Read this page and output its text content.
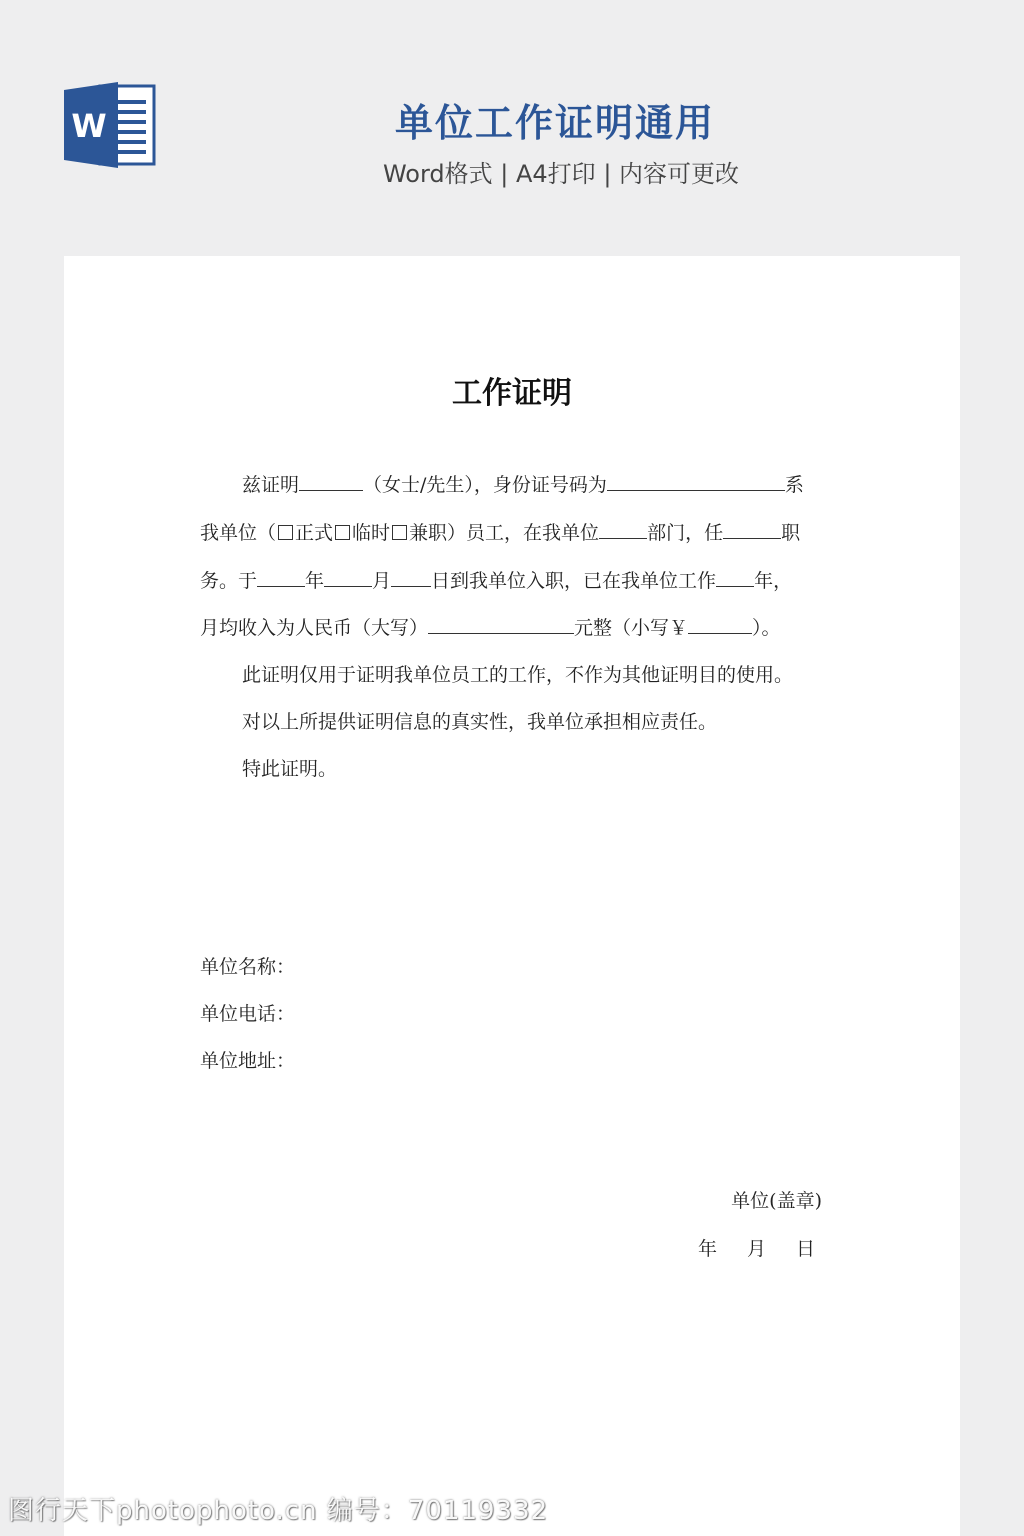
W	单位工作证明通用
Word格式 | A4打印 | 内容可更改
工作证明
兹证明	（女士/先生），身份证号码为	系
我单位（ 正式 临时 兼职）员工，在我单位	部门，任	职
务。于	年	月 日到我单位入职，已在我单位工作 年，
月均收入为人民币（大写）	元整（小写￥	）。
此证明仅用于证明我单位员工的工作，不作为其他证明目的使用。
对以上所提供证明信息的真实性，我单位承担相应责任。
特此证明。
单位名称：
单位电话：
单位地址：
单位(盖章)
年 月 日
图行天下photophoto.cn 编号：70119332
